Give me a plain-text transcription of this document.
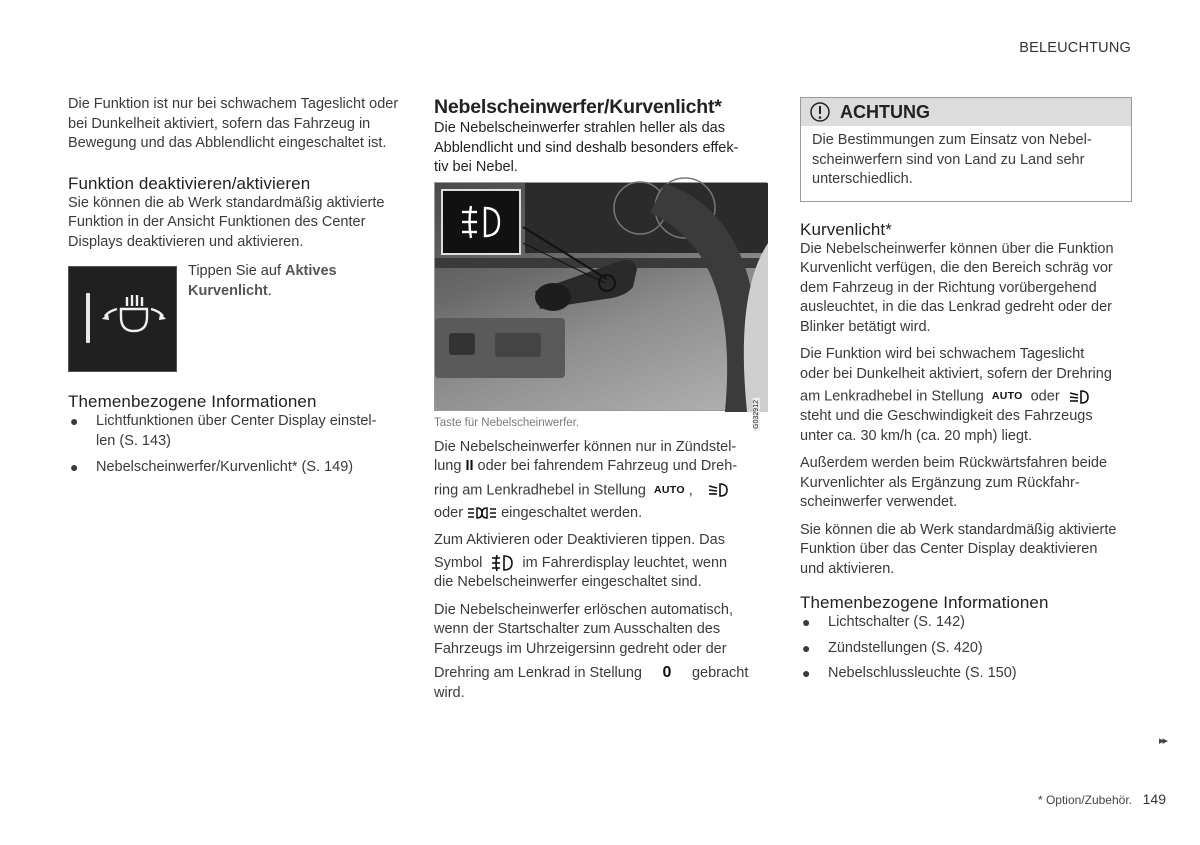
BELEUCHTUNG

Die Funktion ist nur bei schwachem Tageslicht oder bei Dunkelheit aktiviert, sofern das Fahrzeug in Bewegung und das Abblendlicht eingeschaltet ist.

Funktion deaktivieren/aktivieren

Sie können die ab Werk standardmäßig aktivierte Funktion in der Ansicht Funktionen des Center Displays deaktivieren und aktivieren.

Tippen Sie auf Aktives
Kurvenlicht.
Themenbezogene Informationen
● Lichtfunktionen über Center Display einstel-
len (S. 143)
● Nebelscheinwerfer/Kurvenlicht* (S. 149)
Nebelscheinwerfer/Kurvenlicht*

Die Nebelscheinwerfer strahlen heller als das
Abblendlicht und sind deshalb besonders effek-
tiv bei Nebel.

G032912
Taste für Nebelscheinwerfer.

Die Nebelscheinwerfer können nur in Zündstel-
lung II oder bei fahrendem Fahrzeug und Dreh-
ring am Lenkradhebel in Stellung AUTO ,
oder  eingeschaltet werden.

Zum Aktivieren oder Deaktivieren tippen. Das
Symbol  im Fahrerdisplay leuchtet, wenn
die Nebelscheinwerfer eingeschaltet sind.

Die Nebelscheinwerfer erlöschen automatisch,
wenn der Startschalter zum Ausschalten des
Fahrzeugs im Uhrzeigersinn gedreht oder der
Drehring am Lenkrad in Stellung 0 gebracht
wird.

ACHTUNG

Die Bestimmungen zum Einsatz von Nebel-
scheinwerfern sind von Land zu Land sehr
unterschiedlich.

Kurvenlicht*

Die Nebelscheinwerfer können über die Funktion
Kurvenlicht verfügen, die den Bereich schräg vor
dem Fahrzeug in der Richtung vorübergehend
ausleuchtet, in die das Lenkrad gedreht oder der
Blinker betätigt wird.

Die Funktion wird bei schwachem Tageslicht
oder bei Dunkelheit aktiviert, sofern der Drehring
am Lenkradhebel in Stellung AUTO oder
steht und die Geschwindigkeit des Fahrzeugs
unter ca. 30 km/h (ca. 20 mph) liegt.

Außerdem werden beim Rückwärtsfahren beide
Kurvenlichter als Ergänzung zum Rückfahr-
scheinwerfer verwendet.

Sie können die ab Werk standardmäßig aktivierte
Funktion über das Center Display deaktivieren
und aktivieren.

Themenbezogene Informationen
● Lichtschalter (S. 142)
● Zündstellungen (S. 420)
● Nebelschlussleuchte (S. 150)
▸▸
* Option/Zubehör. 149
